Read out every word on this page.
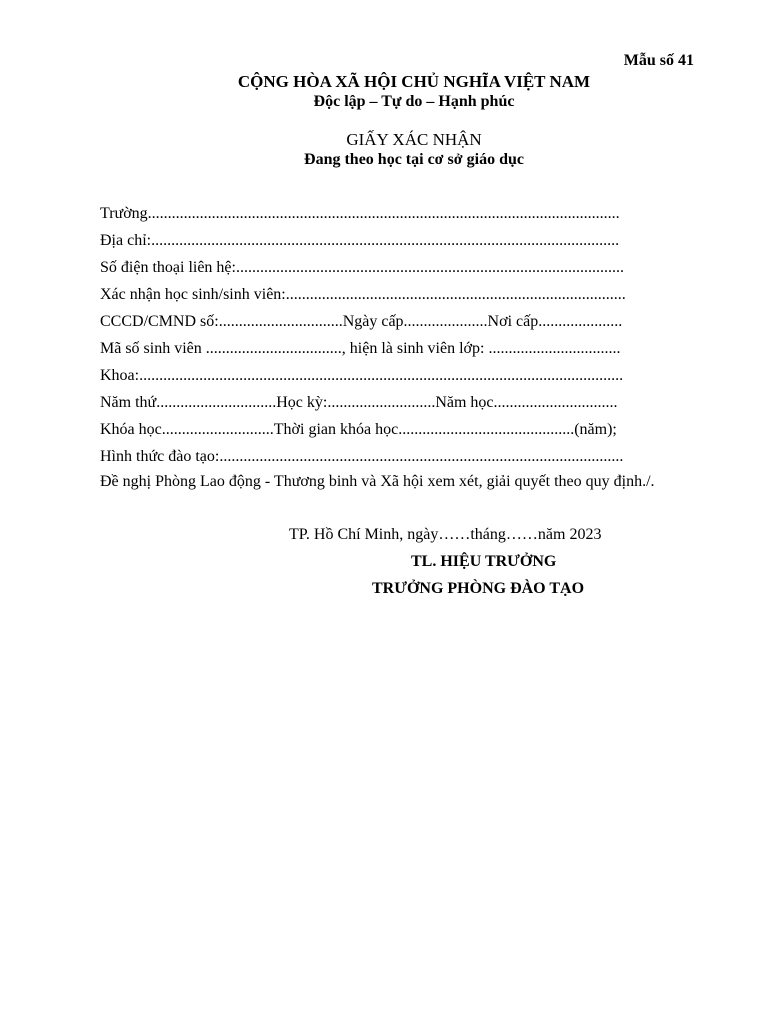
Mẫu số 41
CỘNG HÒA XÃ HỘI CHỦ NGHĨA VIỆT NAM
Độc lập – Tự do – Hạnh phúc
GIẤY XÁC NHẬN
Đang theo học tại cơ sở giáo dục
Trường......................................................................................................................
Địa chỉ:.....................................................................................................................
Số điện thoại liên hệ:.................................................................................................
Xác nhận học sinh/sinh viên:.....................................................................................
CCCD/CMND số:...............................Ngày cấp.....................Nơi cấp.....................
Mã số sinh viên .................................., hiện là sinh viên lớp: .................................
Khoa:.........................................................................................................................
Năm thứ..............................Học kỳ:...........................Năm học...............................
Khóa học............................Thời gian khóa học............................................(năm);
Hình thức đào tạo:.....................................................................................................
Đề nghị Phòng Lao động - Thương binh và Xã hội xem xét, giải quyết theo quy định./.
TP. Hồ Chí Minh, ngày……tháng……năm 2023
TL. HIỆU TRƯỞNG
TRƯỞNG PHÒNG ĐÀO TẠO
